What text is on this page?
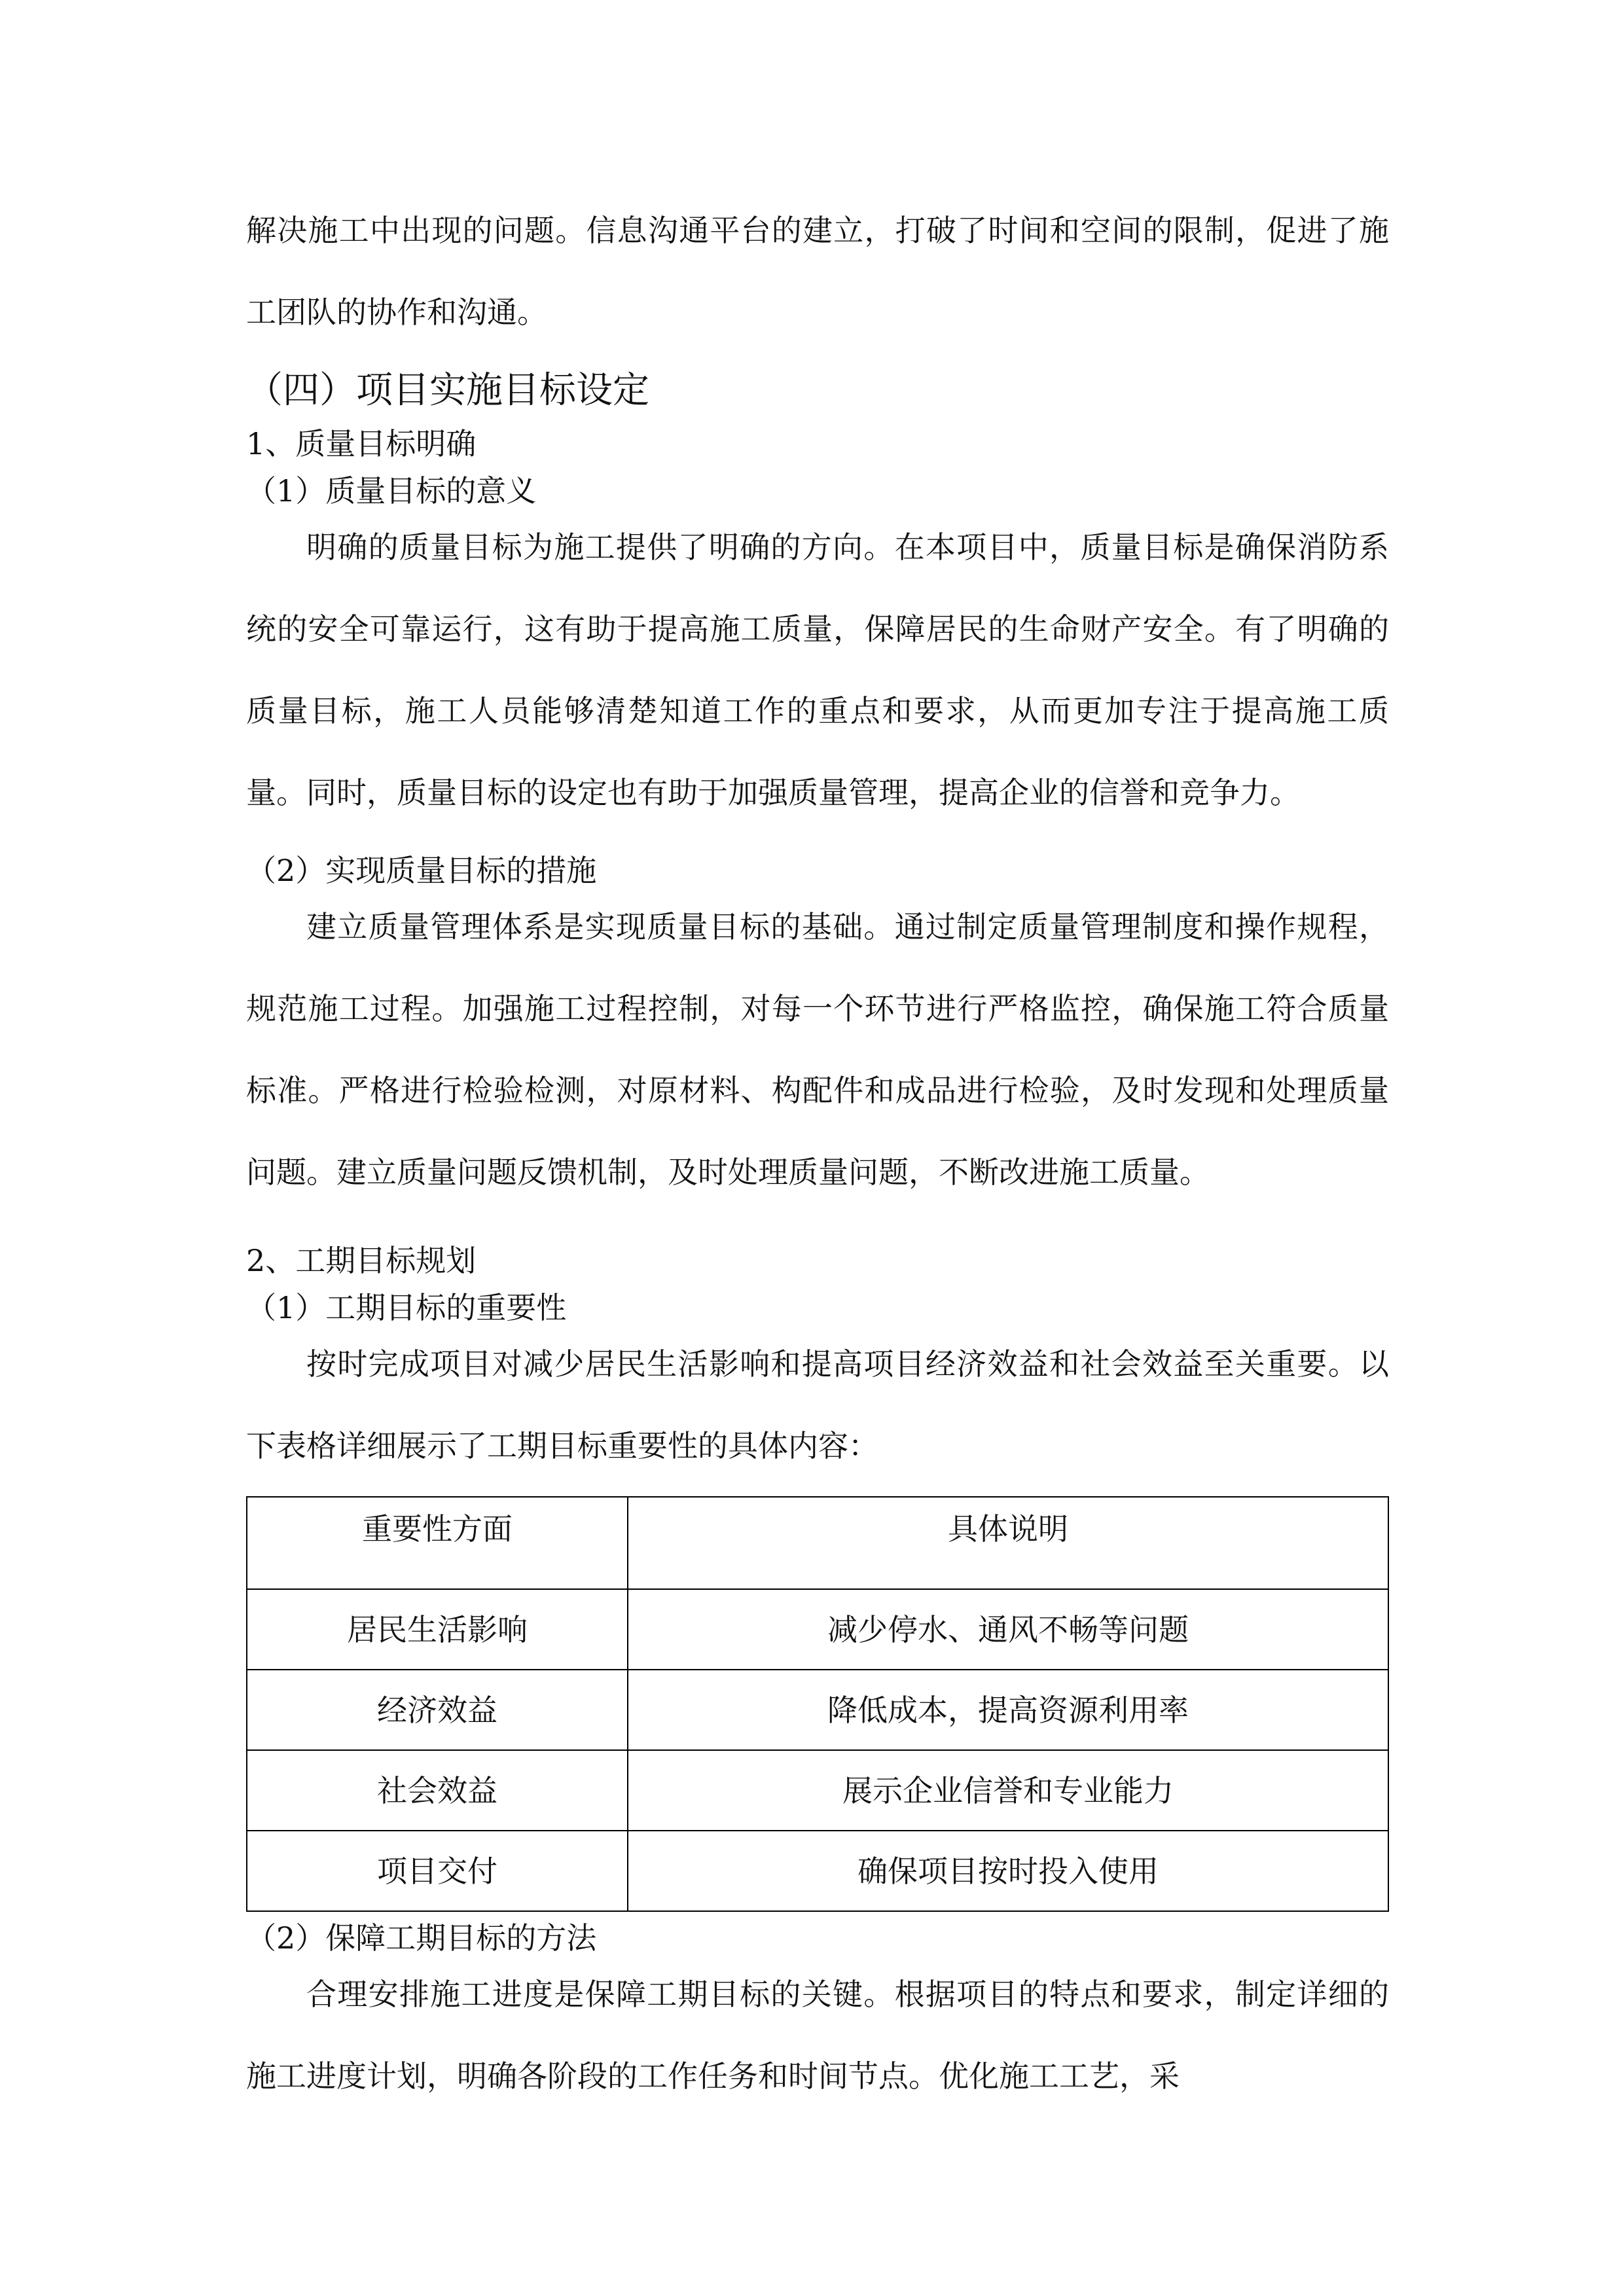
解决施工中出现的问题。信息沟通平台的建立，打破了时间和空间的限制，促进了施工团队的协作和沟通。

（四）项目实施目标设定

1、质量目标明确

（1）质量目标的意义

明确的质量目标为施工提供了明确的方向。在本项目中，质量目标是确保消防系统的安全可靠运行，这有助于提高施工质量，保障居民的生命财产安全。有了明确的质量目标，施工人员能够清楚知道工作的重点和要求，从而更加专注于提高施工质量。同时，质量目标的设定也有助于加强质量管理，提高企业的信誉和竞争力。

（2）实现质量目标的措施

建立质量管理体系是实现质量目标的基础。通过制定质量管理制度和操作规程，规范施工过程。加强施工过程控制，对每一个环节进行严格监控，确保施工符合质量标准。严格进行检验检测，对原材料、构配件和成品进行检验，及时发现和处理质量问题。建立质量问题反馈机制，及时处理质量问题，不断改进施工质量。

2、工期目标规划

（1）工期目标的重要性

按时完成项目对减少居民生活影响和提高项目经济效益和社会效益至关重要。以下表格详细展示了工期目标重要性的具体内容：

重要性方面	具体说明
居民生活影响	减少停水、通风不畅等问题
经济效益	降低成本，提高资源利用率
社会效益	展示企业信誉和专业能力
项目交付	确保项目按时投入使用

（2）保障工期目标的方法

合理安排施工进度是保障工期目标的关键。根据项目的特点和要求，制定详细的施工进度计划，明确各阶段的工作任务和时间节点。优化施工工艺，采
